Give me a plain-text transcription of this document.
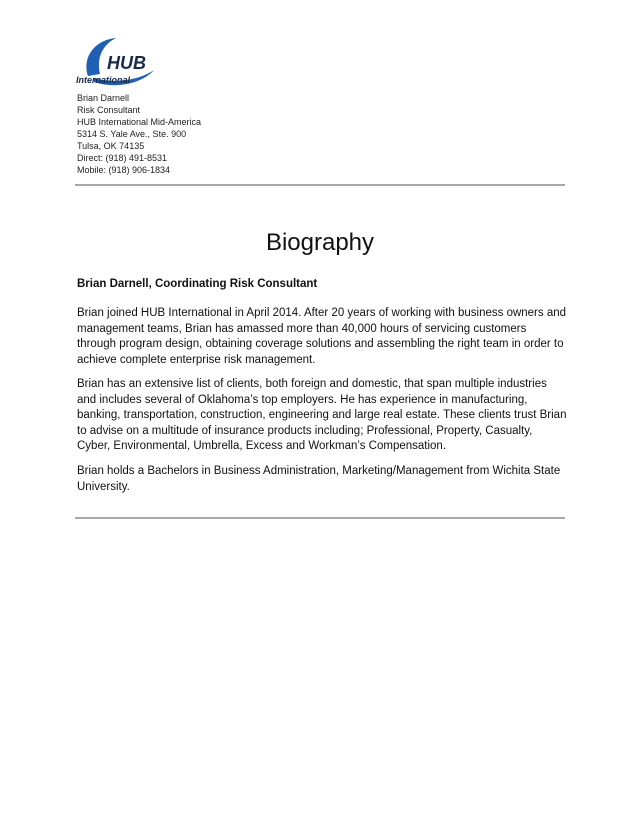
HUB
International
Brian Darnell
Risk Consultant
HUB International Mid-America
5314 S. Yale Ave., Ste. 900
Tulsa, OK 74135
Direct: (918) 491-8531
Mobile: (918) 906-1834
Biography
Brian Darnell, Coordinating Risk Consultant
Brian joined HUB International in April 2014. After 20 years of working with business owners and management teams, Brian has amassed more than 40,000 hours of servicing customers through program design, obtaining coverage solutions and assembling the right team in order to achieve complete enterprise risk management.
Brian has an extensive list of clients, both foreign and domestic, that span multiple industries and includes several of Oklahoma’s top employers. He has experience in manufacturing, banking, transportation, construction, engineering and large real estate. These clients trust Brian to advise on a multitude of insurance products including; Professional, Property, Casualty, Cyber, Environmental, Umbrella, Excess and Workman’s Compensation.
Brian holds a Bachelors in Business Administration, Marketing/Management from Wichita State University.
